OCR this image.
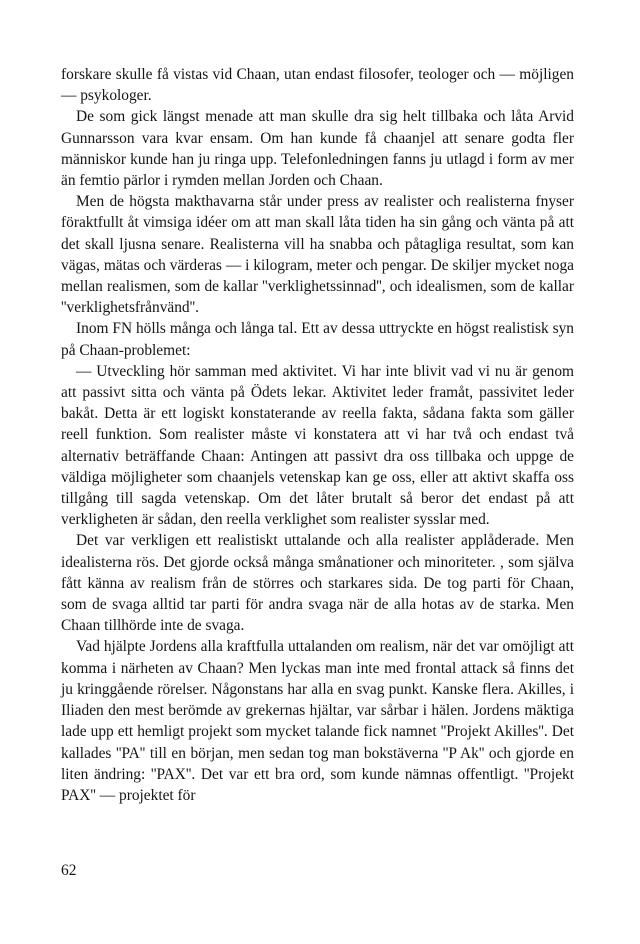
forskare skulle få vistas vid Chaan, utan endast filosofer, teologer och — möjligen — psykologer.

De som gick längst menade att man skulle dra sig helt tillbaka och låta Arvid Gunnarsson vara kvar ensam. Om han kunde få chaanjel att senare godta fler människor kunde han ju ringa upp. Telefonledningen fanns ju utlagd i form av mer än femtio pärlor i rymden mellan Jorden och Chaan.

Men de högsta makthavarna står under press av realister och realisterna fnyser föraktfullt åt vimsiga idéer om att man skall låta tiden ha sin gång och vänta på att det skall ljusna senare. Realisterna vill ha snabba och påtagliga resultat, som kan vägas, mätas och värderas — i kilogram, meter och pengar. De skiljer mycket noga mellan realismen, som de kallar ''verklighetssinnad'', och idealismen, som de kallar ''verklighetsfrånvänd''.

Inom FN hölls många och långa tal. Ett av dessa uttryckte en högst realistisk syn på Chaan-problemet:

— Utveckling hör samman med aktivitet. Vi har inte blivit vad vi nu är genom att passivt sitta och vänta på Ödets lekar. Aktivitet leder framåt, passivitet leder bakåt. Detta är ett logiskt konstaterande av reella fakta, sådana fakta som gäller reell funktion. Som realister måste vi konstatera att vi har två och endast två alternativ beträffande Chaan: Antingen att passivt dra oss tillbaka och uppge de väldiga möjligheter som chaanjels vetenskap kan ge oss, eller att aktivt skaffa oss tillgång till sagda vetenskap. Om det låter brutalt så beror det endast på att verkligheten är sådan, den reella verklighet som realister sysslar med.

Det var verkligen ett realistiskt uttalande och alla realister applåderade. Men idealisterna rös. Det gjorde också många smånationer och minoriteter. , som själva fått känna av realism från de störres och starkares sida. De tog parti för Chaan, som de svaga alltid tar parti för andra svaga när de alla hotas av de starka. Men Chaan tillhörde inte de svaga.

Vad hjälpte Jordens alla kraftfulla uttalanden om realism, när det var omöjligt att komma i närheten av Chaan? Men lyckas man inte med frontal attack så finns det ju kringgående rörelser. Någonstans har alla en svag punkt. Kanske flera. Akilles, i Iliaden den mest berömde av grekernas hjältar, var sårbar i hälen. Jordens mäktiga lade upp ett hemligt projekt som mycket talande fick namnet ''Projekt Akilles''. Det kallades ''PA'' till en början, men sedan tog man bokstäverna ''P Ak'' och gjorde en liten ändring: ''PAX''. Det var ett bra ord, som kunde nämnas offentligt. ''Projekt PAX'' — projektet för

62
